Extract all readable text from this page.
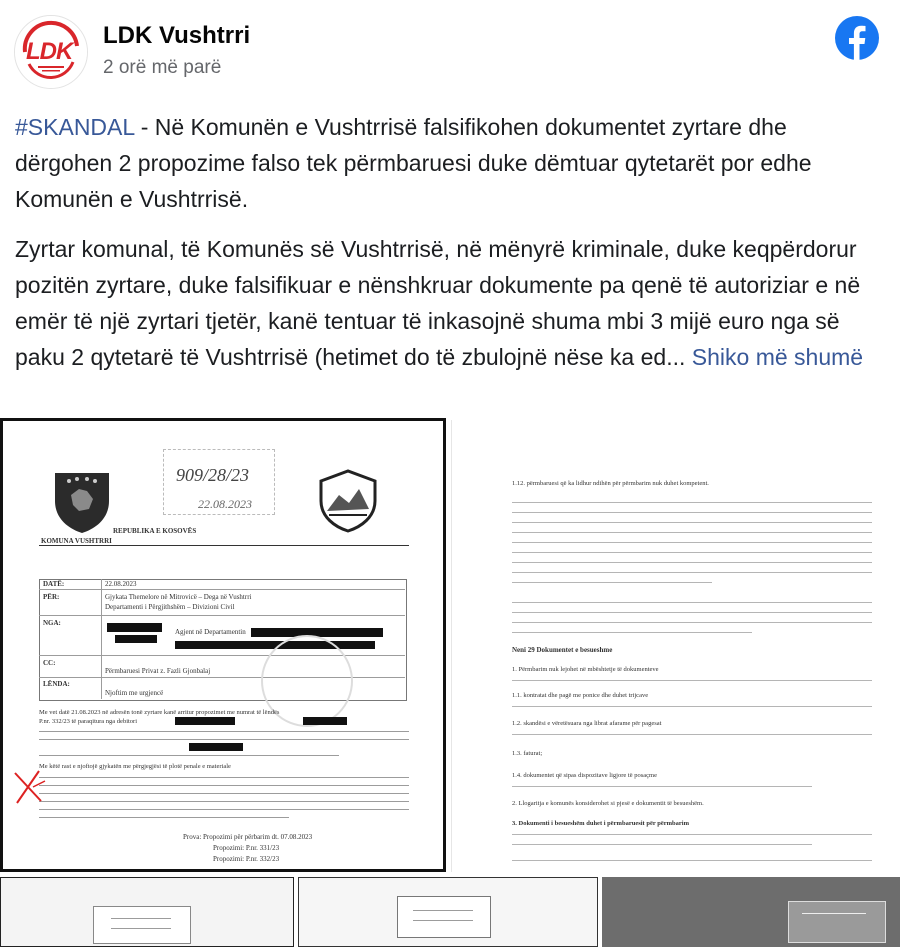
LDK
LDK Vushtrri
2 orë më parë

#SKANDAL - Në Komunën e Vushtrrisë falsifikohen dokumentet zyrtare dhe dërgohen 2 propozime falso tek përmbaruesi duke dëmtuar qytetarët por edhe Komunën e Vushtrrisë.

Zyrtar komunal, të Komunës së Vushtrrisë, në mënyrë kriminale, duke keqpërdorur pozitën zyrtare, duke falsifikuar e nënshkruar dokumente pa qenë të autoriziar e në emër të një zyrtari tjetër, kanë tentuar të inkasojnë shuma mbi 3 mijë euro nga së paku 2 qytetarë të Vushtrrisë (hetimet do të zbulojnë nëse ka ed... Shiko më shumë

909/28/23
22.08.2023
REPUBLIKA E KOSOVËS
KOMUNA VUSHTRRI
DATË:	22.08.2023
PËR:	Gjykata Themelore në Mitrovicë – Dega në Vushtrri
Departamenti i Përgjithshëm – Divizioni Civil
NGA:
Agjent në Departamentin
CC:
Përmbaruesi Privat z. Fazli Gjonbalaj
LËNDA:
Njoftim me urgjencë
Me vet datë 21.08.2023 në adresën tonë zyrtare kanë arritur propozimet me numrat të lëndës
P.nr. 332/23 të paraqitura nga debitori
Me këtë rast e njoftojë gjykatën me përgjegjësi të plotë penale e materiale
Prova: Propozimi për përbarim dt. 07.08.2023
Propozimi: P.nr. 331/23
Propozimi: P.nr. 332/23
1.12. përmbaruesi që ka lidhur ndihën për përmbarim nuk duhet kompetent.
Neni 29 Dokumentet e besueshme
1. Përmbarim nuk lejohet në mbështetje të dokumenteve
1.1. kontratat dhe pagë me ponice dhe duhet trijcave
1.2. skandësi e vëretësuara nga librat afarame për pagesat
1.3. faturat;
1.4. dokumentet që sipas dispozitave ligjore të posaçme
2. Llogaritja e komunës konsiderohet si pjesë e dokumentit të besueshëm.
3. Dokumenti i besueshëm duhet i përmbaruesit për përmbarim
